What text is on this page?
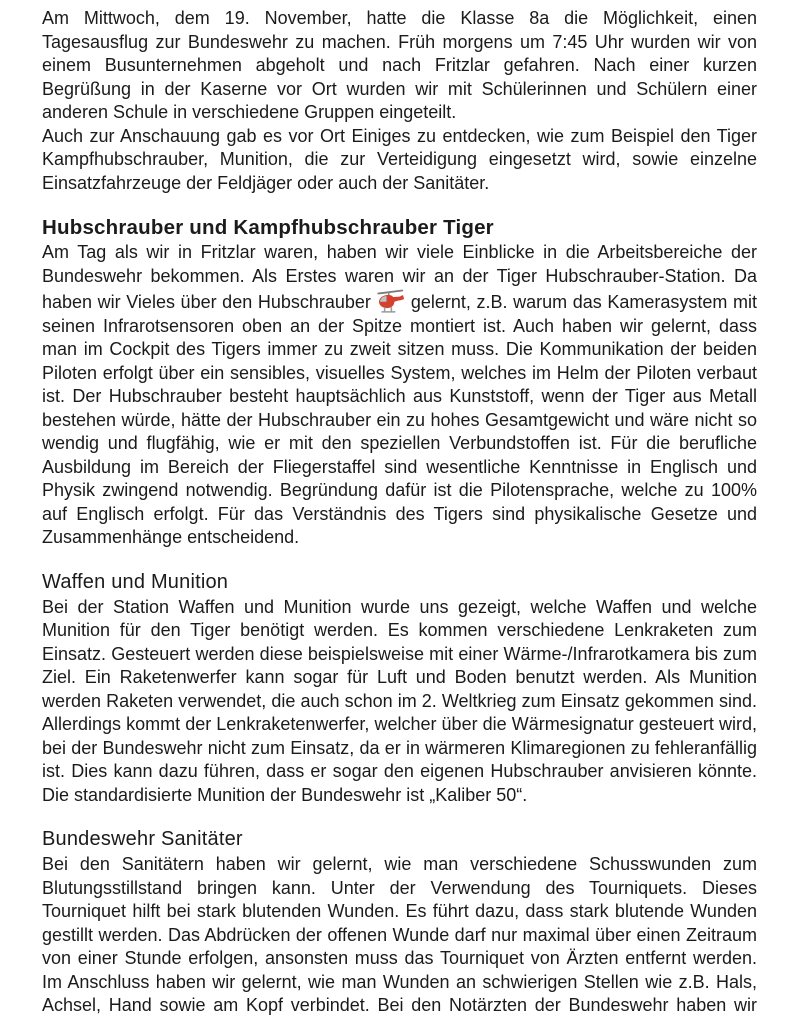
Am Mittwoch, dem 19. November, hatte die Klasse 8a die Möglichkeit, einen
Tagesausflug zur Bundeswehr zu machen. Früh morgens um 7:45 Uhr wurden wir von
einem Busunternehmen abgeholt und nach Fritzlar gefahren. Nach einer kurzen
Begrüßung in der Kaserne vor Ort wurden wir mit Schülerinnen und Schülern einer
anderen Schule in verschiedene Gruppen eingeteilt.
Auch zur Anschauung gab es vor Ort Einiges zu entdecken, wie zum Beispiel den Tiger
Kampfhubschrauber, Munition, die zur Verteidigung eingesetzt wird, sowie einzelne
Einsatzfahrzeuge der Feldjäger oder auch der Sanitäter.
Hubschrauber und Kampfhubschrauber Tiger
Am Tag als wir in Fritzlar waren, haben wir viele Einblicke in die Arbeitsbereiche der
Bundeswehr bekommen. Als Erstes waren wir an der Tiger Hubschrauber-Station. Da
haben wir Vieles über den Hubschrauber gelernt, z.B. warum das Kamerasystem mit
seinen Infrarotsensoren oben an der Spitze montiert ist. Auch haben wir gelernt, dass
man im Cockpit des Tigers immer zu zweit sitzen muss. Die Kommunikation der beiden
Piloten erfolgt über ein sensibles, visuelles System, welches im Helm der Piloten verbaut
ist. Der Hubschrauber besteht hauptsächlich aus Kunststoff, wenn der Tiger aus Metall
bestehen würde, hätte der Hubschrauber ein zu hohes Gesamtgewicht und wäre nicht so
wendig und flugfähig, wie er mit den speziellen Verbundstoffen ist. Für die berufliche
Ausbildung im Bereich der Fliegerstaffel sind wesentliche Kenntnisse in Englisch und
Physik zwingend notwendig. Begründung dafür ist die Pilotensprache, welche zu 100%
auf Englisch erfolgt. Für das Verständnis des Tigers sind physikalische Gesetze und
Zusammenhänge entscheidend.
Waffen und Munition
Bei der Station Waffen und Munition wurde uns gezeigt, welche Waffen und welche
Munition für den Tiger benötigt werden. Es kommen verschiedene Lenkraketen zum
Einsatz. Gesteuert werden diese beispielsweise mit einer Wärme-/Infrarotkamera bis zum
Ziel. Ein Raketenwerfer kann sogar für Luft und Boden benutzt werden. Als Munition
werden Raketen verwendet, die auch schon im 2. Weltkrieg zum Einsatz gekommen sind.
Allerdings kommt der Lenkraketenwerfer, welcher über die Wärmesignatur gesteuert wird,
bei der Bundeswehr nicht zum Einsatz, da er in wärmeren Klimaregionen zu fehleranfällig
ist. Dies kann dazu führen, dass er sogar den eigenen Hubschrauber anvisieren könnte.
Die standardisierte Munition der Bundeswehr ist „Kaliber 50“.
Bundeswehr Sanitäter
Bei den Sanitätern haben wir gelernt, wie man verschiedene Schusswunden zum
Blutungsstillstand bringen kann. Unter der Verwendung des Tourniquets. Dieses
Tourniquet hilft bei stark blutenden Wunden. Es führt dazu, dass stark blutende Wunden
gestillt werden. Das Abdrücken der offenen Wunde darf nur maximal über einen Zeitraum
von einer Stunde erfolgen, ansonsten muss das Tourniquet von Ärzten entfernt werden.
Im Anschluss haben wir gelernt, wie man Wunden an schwierigen Stellen wie z.B. Hals,
Achsel, Hand sowie am Kopf verbindet. Bei den Notärzten der Bundeswehr haben wir
